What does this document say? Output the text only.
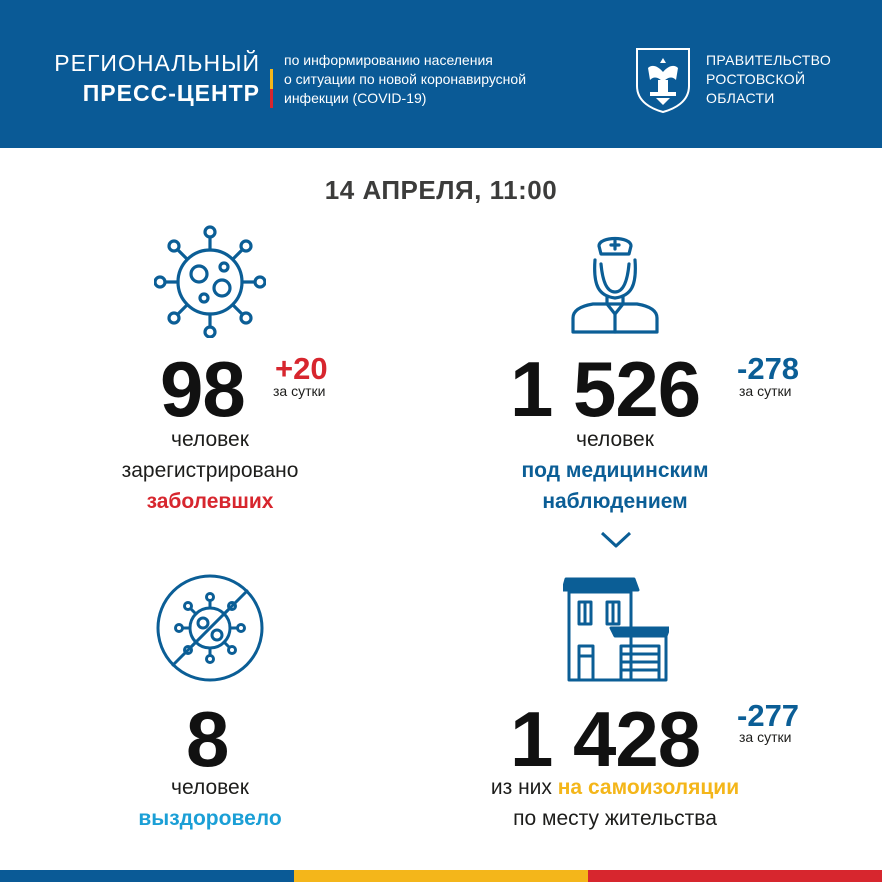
РЕГИОНАЛЬНЫЙ
ПРЕСС-ЦЕНТР
по информированию населения
о ситуации по новой коронавирусной
инфекции (COVID-19)
ПРАВИТЕЛЬСТВО
РОСТОВСКОЙ
ОБЛАСТИ
14 АПРЕЛЯ, 11:00
98 +20
за сутки
человек
зарегистрировано
заболевших
1 526 -278
за сутки
человек
под медицинским
наблюдением
8
человек
выздоровело
1 428 -277
за сутки
из них на самоизоляции
по месту жительства
